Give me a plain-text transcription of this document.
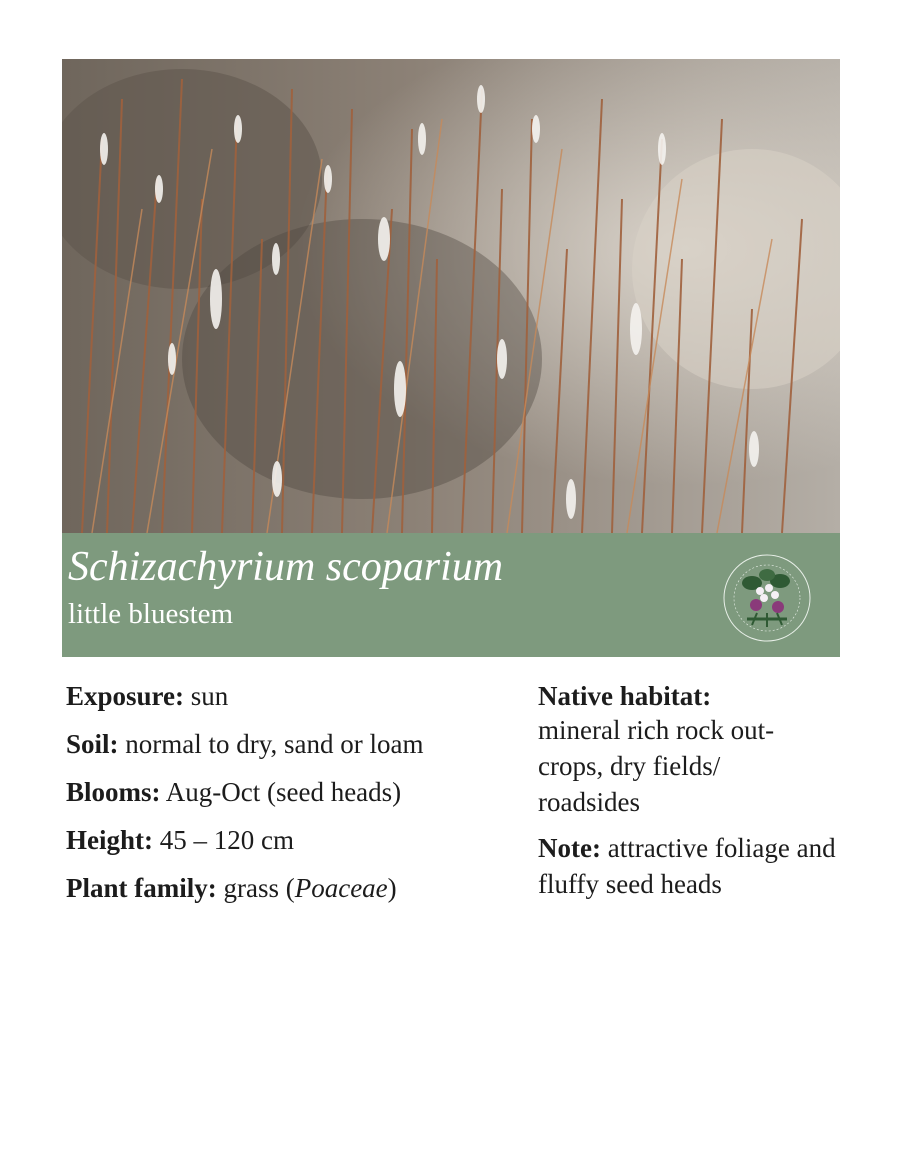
Schizachyrium scoparium
little bluestem
Exposure: sun
Soil: normal to dry, sand or loam
Blooms: Aug-Oct (seed heads)
Height: 45 – 120 cm
Plant family: grass (Poaceae)
Native habitat:
mineral rich rock out-
crops, dry fields/
roadsides
Note: attractive foliage and fluffy seed heads
